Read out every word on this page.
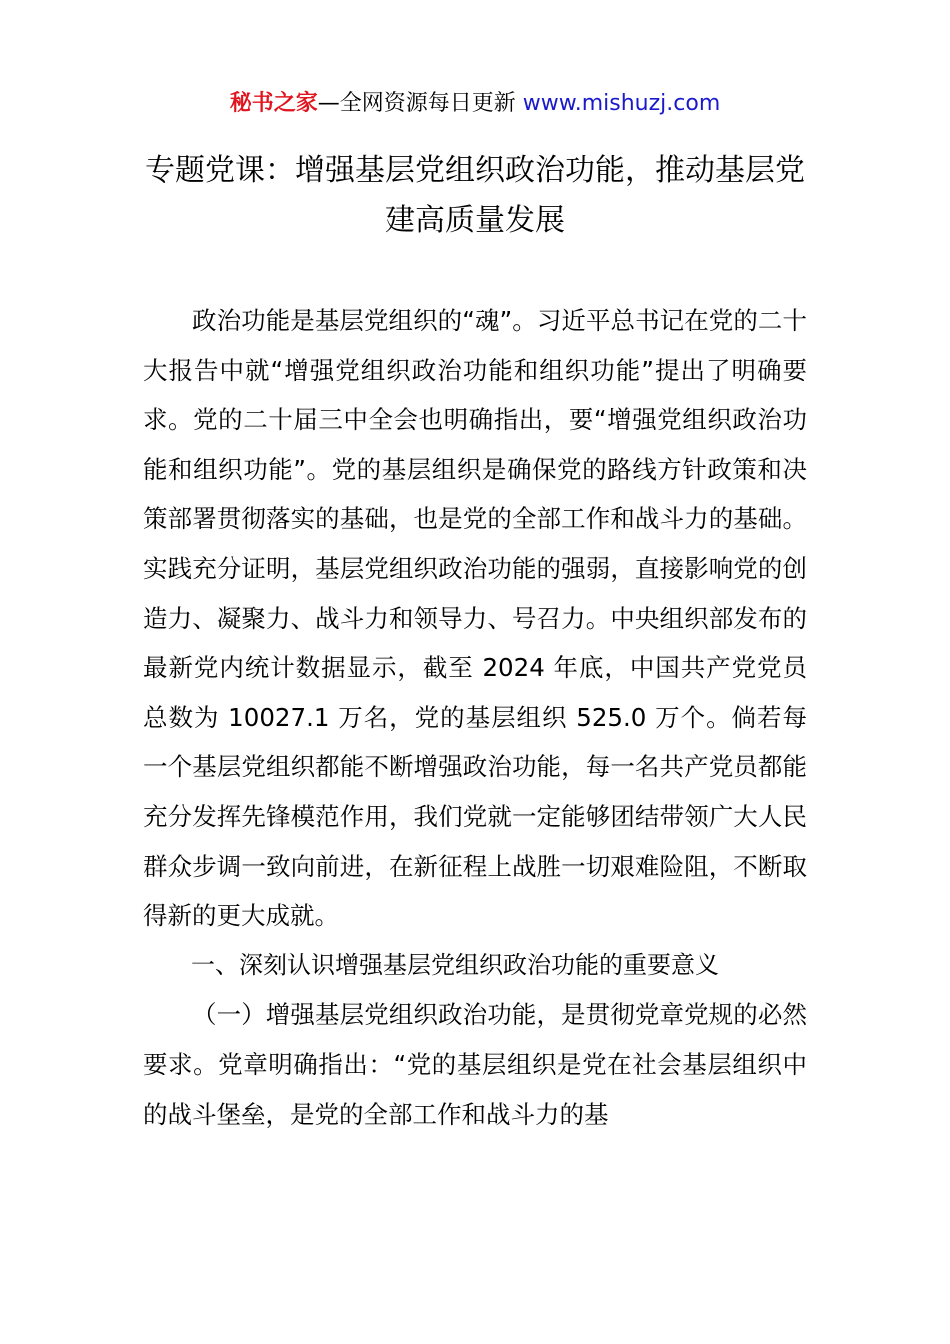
秘书之家—全网资源每日更新 www.mishuzj.com
专题党课：增强基层党组织政治功能，推动基层党建高质量发展

政治功能是基层党组织的“魂”。习近平总书记在党的二十大报告中就“增强党组织政治功能和组织功能”提出了明确要求。党的二十届三中全会也明确指出，要“增强党组织政治功能和组织功能”。党的基层组织是确保党的路线方针政策和决策部署贯彻落实的基础，也是党的全部工作和战斗力的基础。实践充分证明，基层党组织政治功能的强弱，直接影响党的创造力、凝聚力、战斗力和领导力、号召力。中央组织部发布的最新党内统计数据显示，截至 2024 年底，中国共产党党员总数为 10027.1 万名，党的基层组织 525.0 万个。倘若每一个基层党组织都能不断增强政治功能，每一名共产党员都能充分发挥先锋模范作用，我们党就一定能够团结带领广大人民群众步调一致向前进，在新征程上战胜一切艰难险阻，不断取得新的更大成就。

一、深刻认识增强基层党组织政治功能的重要意义

（一）增强基层党组织政治功能，是贯彻党章党规的必然要求。党章明确指出：“党的基层组织是党在社会基层组织中的战斗堡垒，是党的全部工作和战斗力的基
